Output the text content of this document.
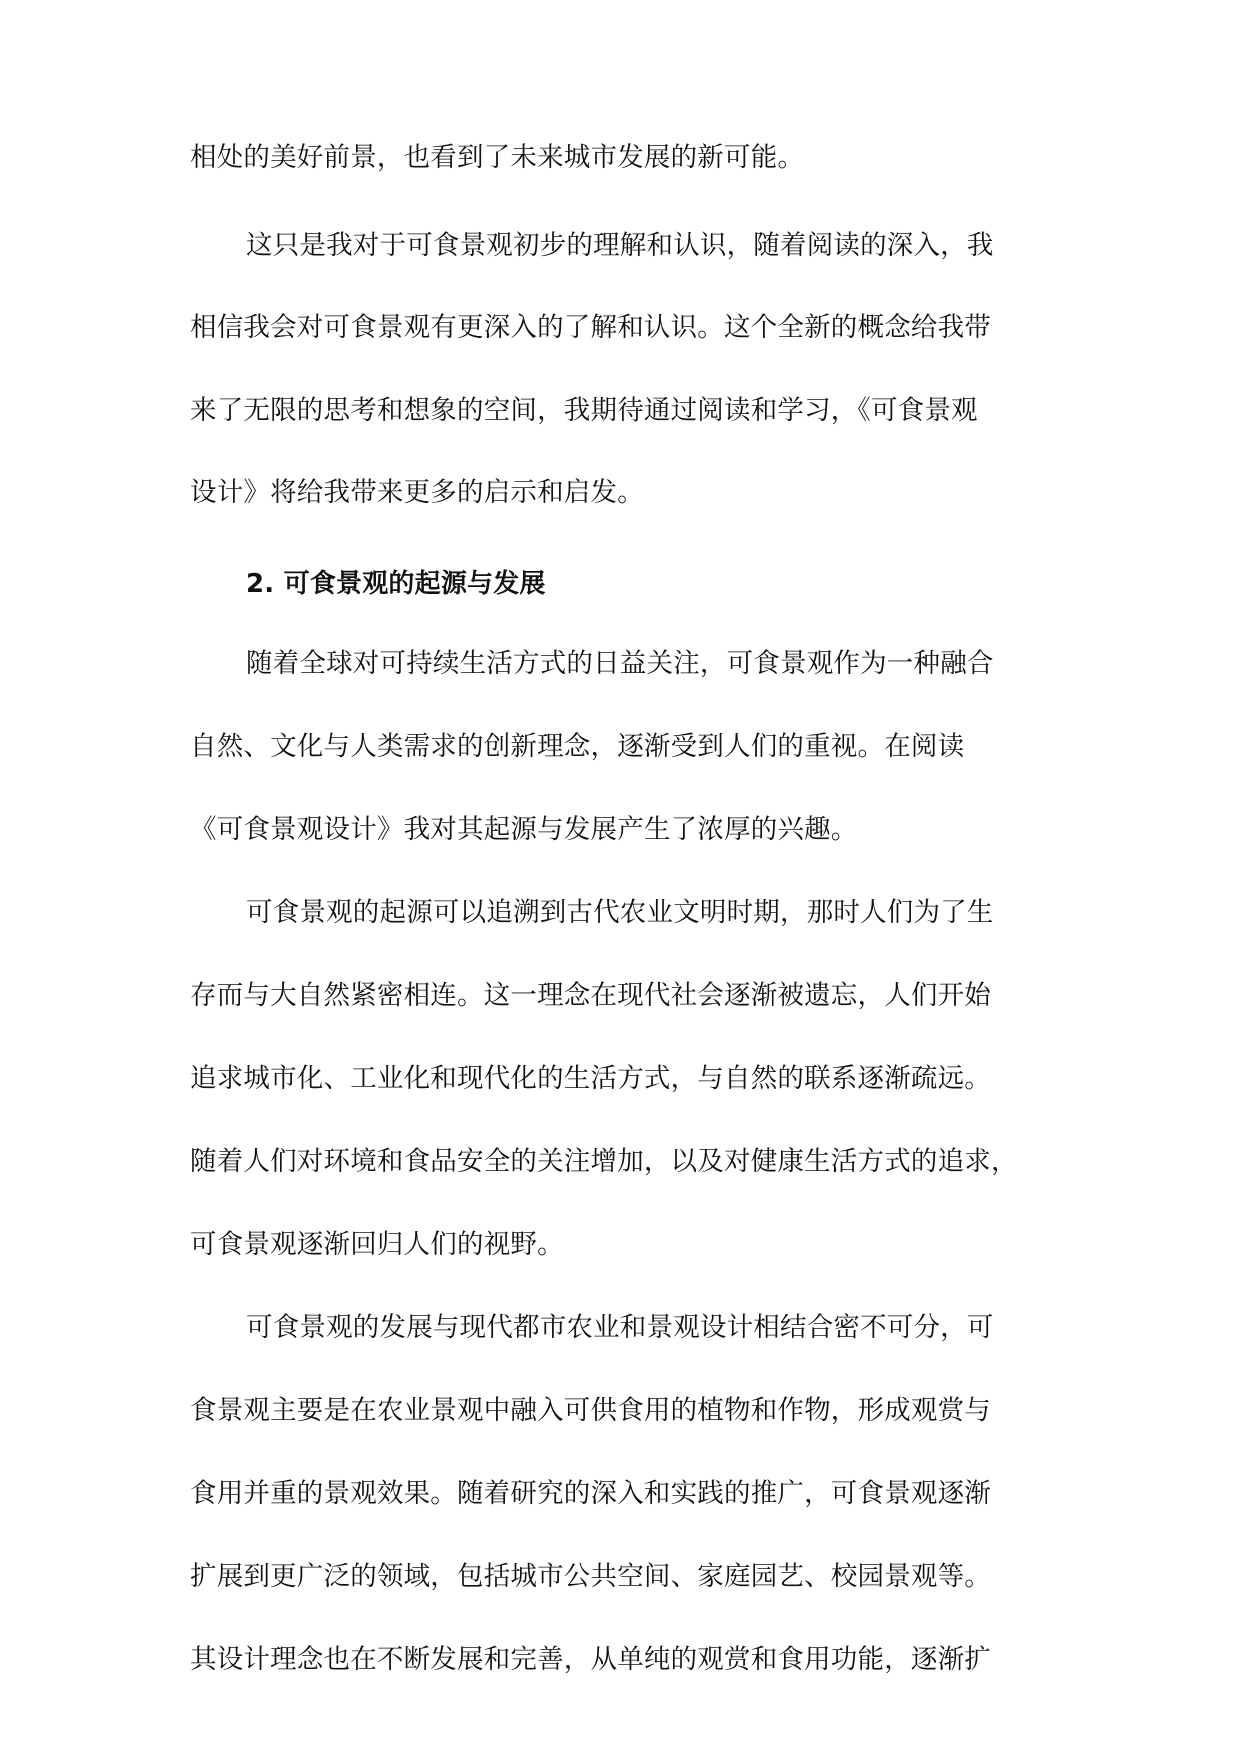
相处的美好前景，也看到了未来城市发展的新可能。
这只是我对于可食景观初步的理解和认识，随着阅读的深入，我
相信我会对可食景观有更深入的了解和认识。这个全新的概念给我带
来了无限的思考和想象的空间，我期待通过阅读和学习，《可食景观
设计》将给我带来更多的启示和启发。
2. 可食景观的起源与发展
随着全球对可持续生活方式的日益关注，可食景观作为一种融合
自然、文化与人类需求的创新理念，逐渐受到人们的重视。在阅读
《可食景观设计》我对其起源与发展产生了浓厚的兴趣。
可食景观的起源可以追溯到古代农业文明时期，那时人们为了生
存而与大自然紧密相连。这一理念在现代社会逐渐被遗忘，人们开始
追求城市化、工业化和现代化的生活方式，与自然的联系逐渐疏远。
随着人们对环境和食品安全的关注增加，以及对健康生活方式的追求，
可食景观逐渐回归人们的视野。
可食景观的发展与现代都市农业和景观设计相结合密不可分，可
食景观主要是在农业景观中融入可供食用的植物和作物，形成观赏与
食用并重的景观效果。随着研究的深入和实践的推广，可食景观逐渐
扩展到更广泛的领域，包括城市公共空间、家庭园艺、校园景观等。
其设计理念也在不断发展和完善，从单纯的观赏和食用功能，逐渐扩
